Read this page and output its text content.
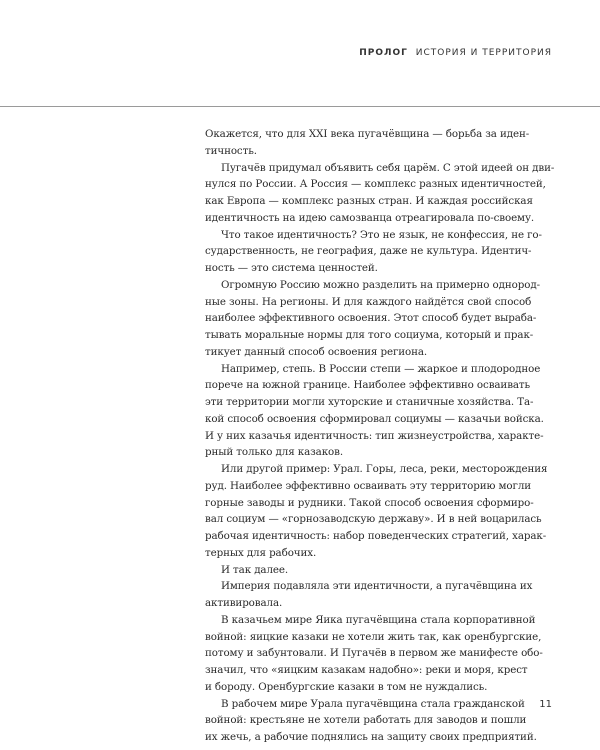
ПРОЛОГ ИСТОРИЯ И ТЕРРИТОРИЯ
Окажется, что для XXI века пугачёвщина — борьба за иден-
тичность.
Пугачёв придумал объявить себя царём. С этой идеей он дви-
нулся по России. А Россия — комплекс разных идентичностей,
как Европа — комплекс разных стран. И каждая российская
идентичность на идею самозванца отреагировала по-своему.
Что такое идентичность? Это не язык, не конфессия, не го-
сударственность, не география, даже не культура. Идентич-
ность — это система ценностей.
Огромную Россию можно разделить на примерно однород-
ные зоны. На регионы. И для каждого найдётся свой способ
наиболее эффективного освоения. Этот способ будет выраба-
тывать моральные нормы для того социума, который и прак-
тикует данный способ освоения региона.
Например, степь. В России степи — жаркое и плодородное
порече на южной границе. Наиболее эффективно осваивать
эти территории могли хуторские и станичные хозяйства. Та-
кой способ освоения сформировал социумы — казачьи войска.
И у них казачья идентичность: тип жизнеустройства, характе-
рный только для казаков.
Или другой пример: Урал. Горы, леса, реки, месторождения
руд. Наиболее эффективно осваивать эту территорию могли
горные заводы и рудники. Такой способ освоения сформиро-
вал социум — «горнозаводскую державу». И в ней воцарилась
рабочая идентичность: набор поведенческих стратегий, харак-
терных для рабочих.
И так далее.
Империя подавляла эти идентичности, а пугачёвщина их
активировала.
В казачьем мире Яика пугачёвщина стала корпоративной
войной: яицкие казаки не хотели жить так, как оренбургские,
потому и забунтовали. И Пугачёв в первом же манифесте обо-
значил, что «яицким казакам надобно»: реки и моря, крест
и бороду. Оренбургские казаки в том не нуждались.
В рабочем мире Урала пугачёвщина стала гражданской
войной: крестьяне не хотели работать для заводов и пошли
их жечь, а рабочие поднялись на защиту своих предприятий.
11
